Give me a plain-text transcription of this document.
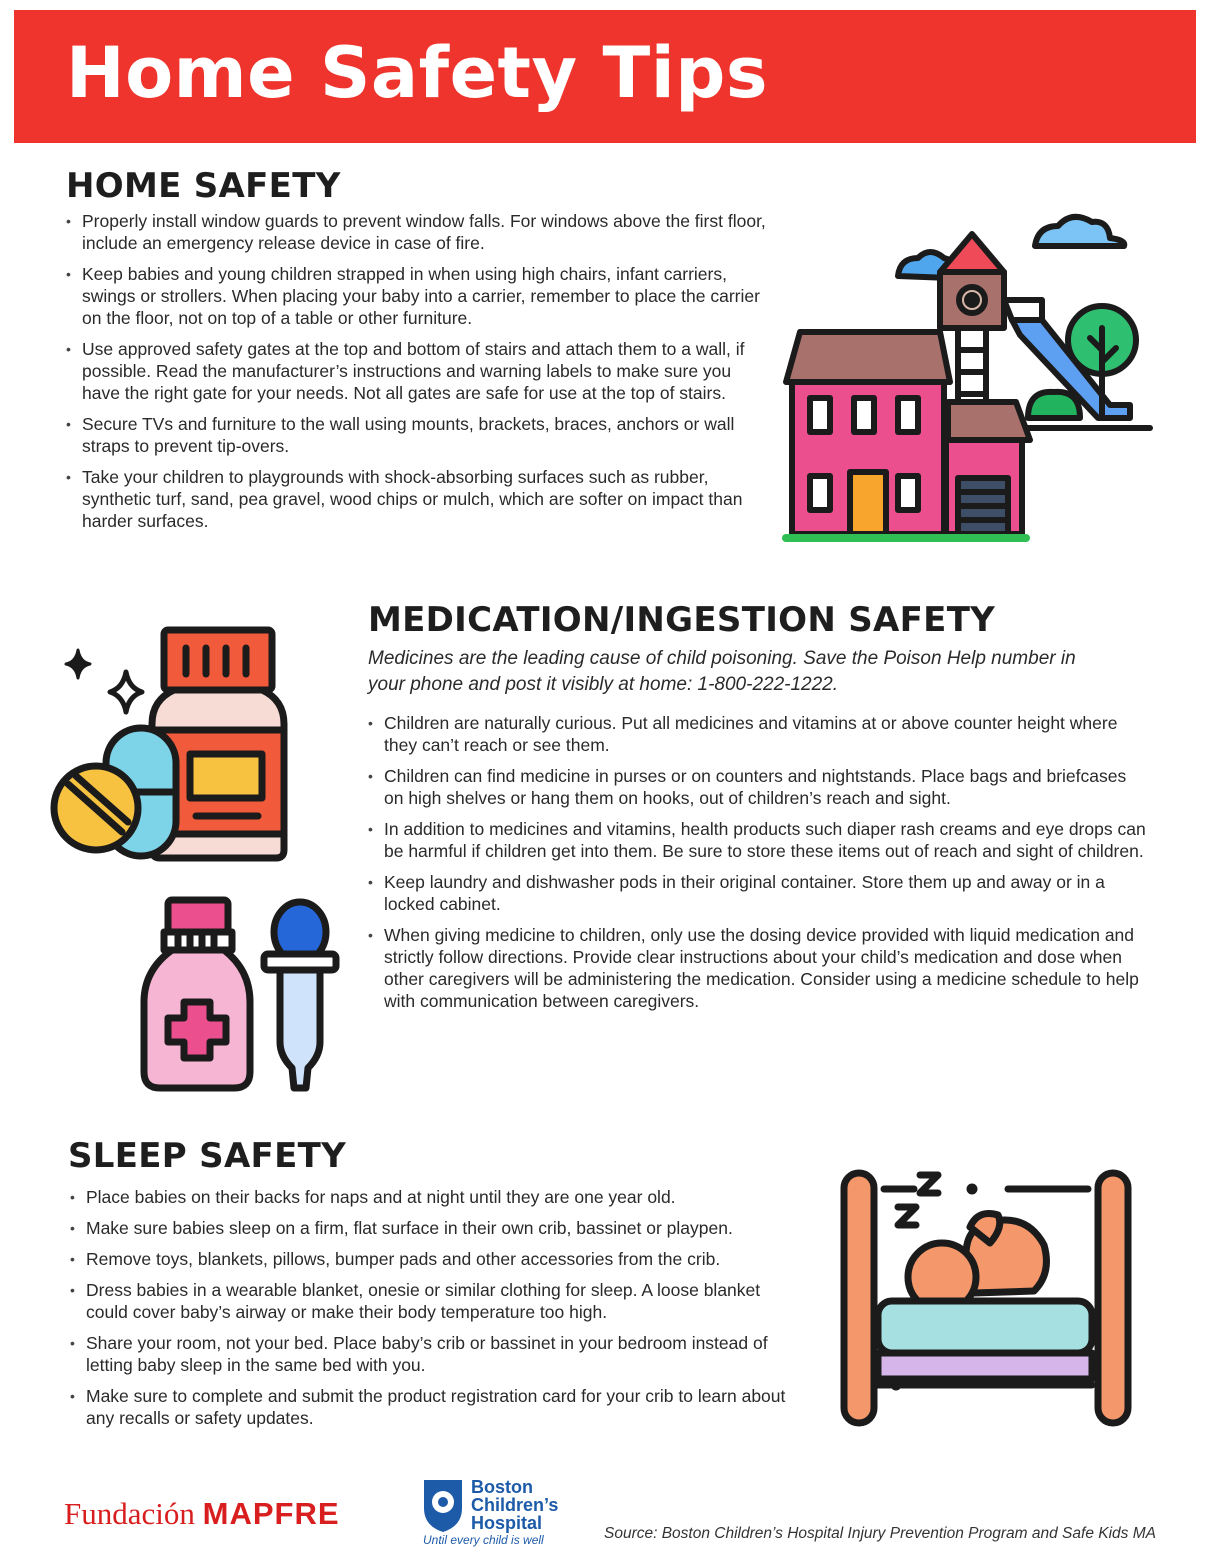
Home Safety Tips
HOME SAFETY
• Properly install window guards to prevent window falls. For windows above the first floor, include an emergency release device in case of fire.
• Keep babies and young children strapped in when using high chairs, infant carriers, swings or strollers. When placing your baby into a carrier, remember to place the carrier on the floor, not on top of a table or other furniture.
• Use approved safety gates at the top and bottom of stairs and attach them to a wall, if possible. Read the manufacturer’s instructions and warning labels to make sure you have the right gate for your needs. Not all gates are safe for use at the top of stairs.
• Secure TVs and furniture to the wall using mounts, brackets, braces, anchors or wall straps to prevent tip-overs.
• Take your children to playgrounds with shock-absorbing surfaces such as rubber, synthetic turf, sand, pea gravel, wood chips or mulch, which are softer on impact than harder surfaces.
MEDICATION/INGESTION SAFETY

Medicines are the leading cause of child poisoning. Save the Poison Help number in your phone and post it visibly at home: 1-800-222-1222.

• Children are naturally curious. Put all medicines and vitamins at or above counter height where they can’t reach or see them.
• Children can find medicine in purses or on counters and nightstands. Place bags and briefcases on high shelves or hang them on hooks, out of children’s reach and sight.
• In addition to medicines and vitamins, health products such diaper rash creams and eye drops can be harmful if children get into them. Be sure to store these items out of reach and sight of children.
• Keep laundry and dishwasher pods in their original container. Store them up and away or in a locked cabinet.
• When giving medicine to children, only use the dosing device provided with liquid medication and strictly follow directions. Provide clear instructions about your child’s medication and dose when other caregivers will be administering the medication. Consider using a medicine schedule to help with communication between caregivers.
SLEEP SAFETY
• Place babies on their backs for naps and at night until they are one year old.
• Make sure babies sleep on a firm, flat surface in their own crib, bassinet or playpen.
• Remove toys, blankets, pillows, bumper pads and other accessories from the crib.
• Dress babies in a wearable blanket, onesie or similar clothing for sleep. A loose blanket could cover baby’s airway or make their body temperature too high.
• Share your room, not your bed. Place baby’s crib or bassinet in your bedroom instead of letting baby sleep in the same bed with you.
• Make sure to complete and submit the product registration card for your crib to learn about any recalls or safety updates.
Fundación MAPFRE
Boston
Children’s
Hospital
Until every child is well	Source: Boston Children’s Hospital Injury Prevention Program and Safe Kids MA
